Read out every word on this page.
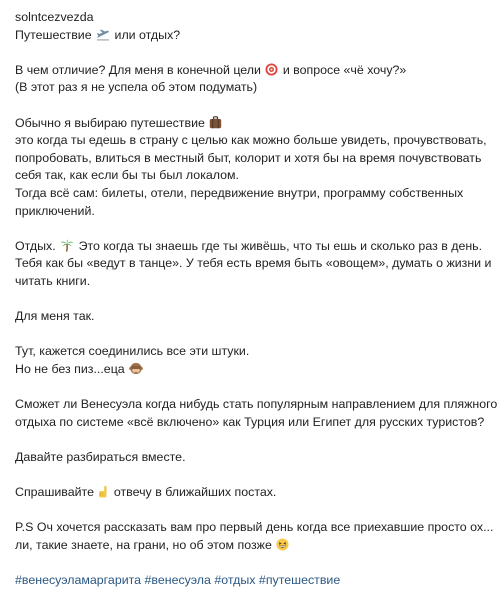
solntcezvezda
Путешествие или отдых?
В чем отличие? Для меня в конечной цели и вопросе «чё хочу?»
(В этот раз я не успела об этом подумать)
Обычно я выбираю путешествие
это когда ты едешь в страну с целью как можно больше увидеть, прочувствовать,
попробовать, влиться в местный быт, колорит и хотя бы на время почувствовать
себя так, как если бы ты был локалом.
Тогда всё сам: билеты, отели, передвижение внутри, программу собственных
приключений.
Отдых. Это когда ты знаешь где ты живёшь, что ты ешь и сколько раз в день.
Тебя как бы «ведут в танце». У тебя есть время быть «овощем», думать о жизни и
читать книги.
Для меня так.
Тут, кажется соединились все эти штуки.
Но не без пиз...еца
Сможет ли Венесуэла когда нибудь стать популярным направлением для пляжного
отдыха по системе «всё включено» как Турция или Египет для русских туристов?
Давайте разбираться вместе.
Спрашивайте отвечу в ближайших постах.
P.S Оч хочется рассказать вам про первый день когда все приехавшие просто ох...
ли, такие знаете, на грани, но об этом позже
#венесуэламаргарита #венесуэла #отдых #путешествие
